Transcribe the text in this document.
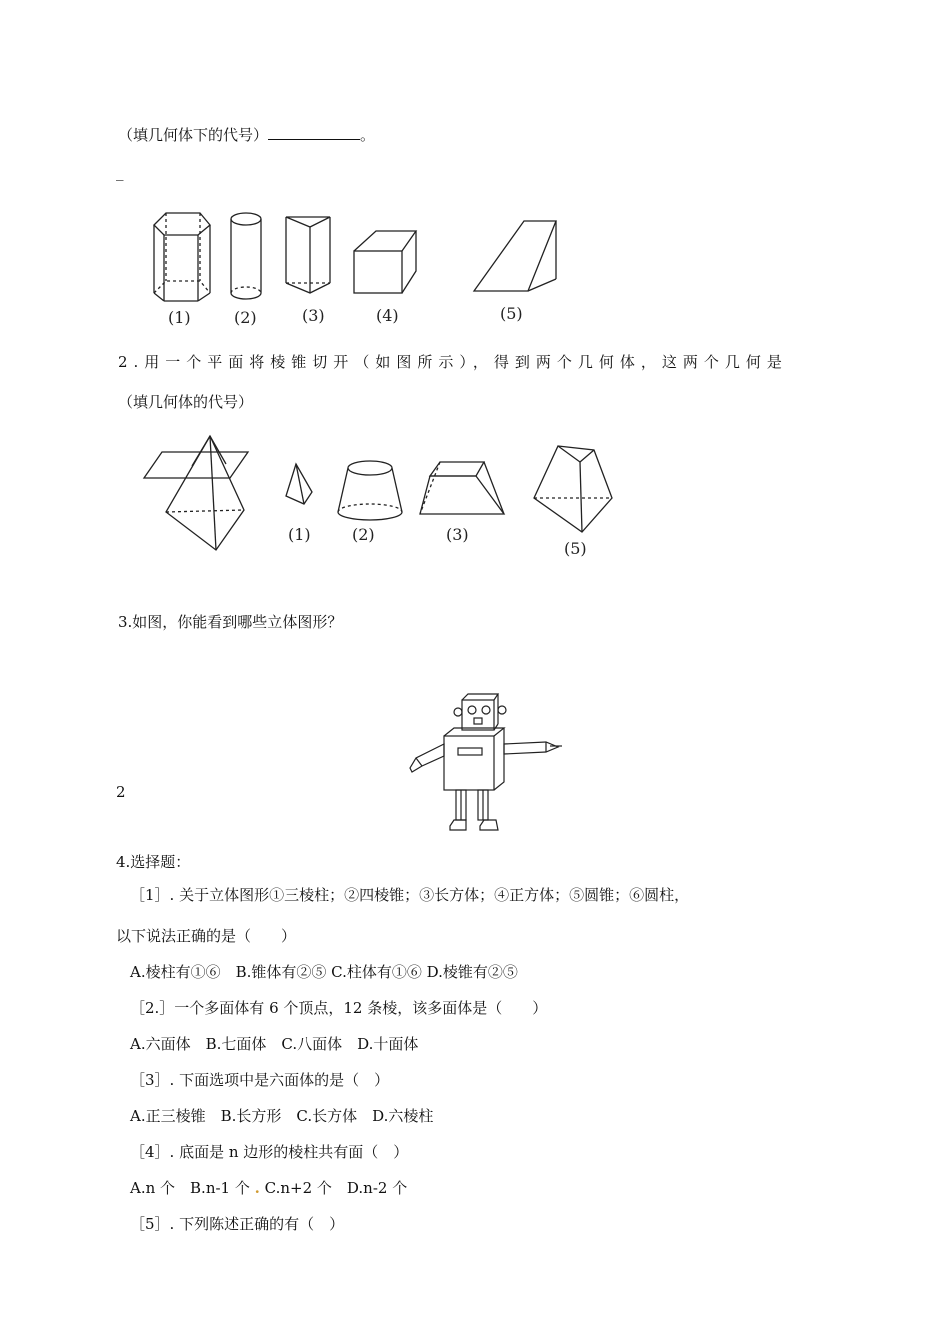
（填几何体下的代号）	。
_
(1)	(2)	(3)	(4)	(5)
2.用一个平面将棱锥切开（如图所示），得到两个几何体，这两个几何是
（填几何体的代号）
(1)	(2)	(3)
(5)
3.如图，你能看到哪些立体图形？
2
4.选择题：
［1］. 关于立体图形①三棱柱；②四棱锥；③长方体；④正方体；⑤圆锥；⑥圆柱，
以下说法正确的是（　　）
A.棱柱有①⑥　B.锥体有②⑤ C.柱体有①⑥ D.棱锥有②⑤
［2.］一个多面体有 6 个顶点，12 条棱，该多面体是（　　）
A.六面体　B.七面体　C.八面体　D.十面体
［3］. 下面选项中是六面体的是（　）
A.正三棱锥　B.长方形　C.长方体　D.六棱柱
［4］. 底面是 n 边形的棱柱共有面（　）
A.n 个　B.n-1 个 . C.n+2 个　D.n-2 个
［5］. 下列陈述正确的有（　）
